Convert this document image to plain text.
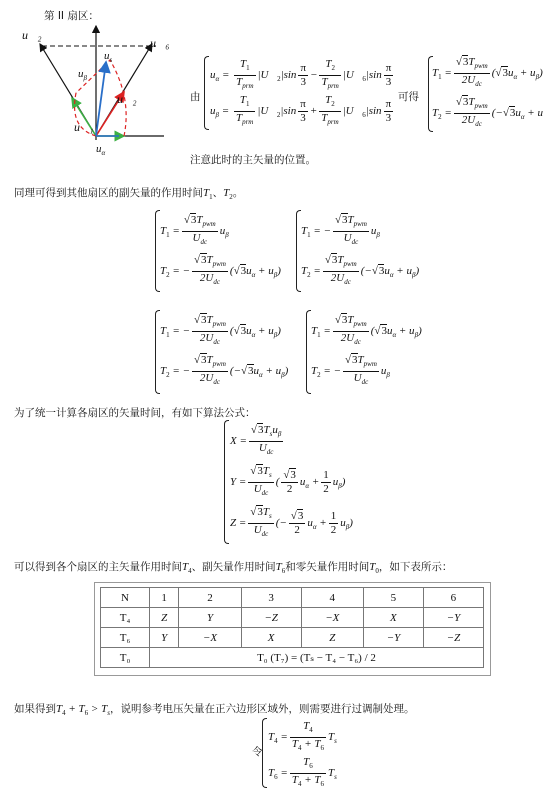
第 II 扇区：
u⃗₂
u⃗₆
$u_s$
$u_\beta$
u⃗₂
u⃗₁
$u_\alpha$
由
$u_\alpha = \frac{T_1}{T_{prm}}$ $|U⃗_2|\sin \frac{\pi}{3} - \frac{T_2}{T_{prm}}$ $|U⃗_6|\sin \frac{\pi}{3}$
$u_\beta = \frac{T_1}{T_{prm}}$ $|U⃗_2|\sin \frac{\pi}{3} + \frac{T_2}{T_{prm}}$ $|U⃗_6|\sin \frac{\pi}{3}$
可得
$T_1 = \frac{√3T_{pwm}}{2U_{dc}} (√3u_\alpha + u_\beta)$
$T_2 = \frac{√3T_{pwm}}{2U_{dc}} (-√3u_\alpha + u$
注意此时的主矢量的位置。
同理可得到其他扇区的副矢量的作用时间$T_1$、$T_2$。
$T_1 = \frac{√3T_{pwm}}{U_{dc}} u_\beta$
$T_2$ = − $\frac{√3T_{pwm}}{2U_{dc}} (√3u_\alpha + u_\beta)$
$T_1$ = − $\frac{√3T_{pwm}}{U_{dc}} u_\beta$
$T_2 = \frac{√3T_{pwm}}{2U_{dc}} (-√3u_\alpha + u_\beta)$
$T_1$ = − $\frac{√3T_{pwm}}{2U_{dc}} (√3u_\alpha + u_\beta)$
$T_2$ = − $\frac{√3T_{pwm}}{2U_{dc}} (-√3u_\alpha + u_\beta)$
$T_1 = \frac{√3T_{pwm}}{2U_{dc}} (√3u_\alpha + u_\beta)$
$T_2$ = − $\frac{√3T_{pwm}}{U_{dc}} u_\beta$
为了统一计算各扇区的矢量时间，有如下算法公式：
$X = \frac{√3T_su_\beta}{U_{dc}}$
$Y = \frac{√3T_s}{U_{dc}}$ ( $\frac{√3}{2} u_\alpha + \frac{1}{2} u_\beta$)
$Z = \frac{√3T_s}{U_{dc}}$ (− $\frac{√3}{2} u_\alpha + \frac{1}{2} u_\beta$)
可以得到各个扇区的主矢量作用时间$T_4$、副矢量作用时间$T_6$和零矢量作用时间$T_0$，如下表所示：
N	1	2	3	4	5	6
T₄	Z	Y	−Z	−X	X	−Y
T₆	Y	−X	X	Z	−Y	−Z
T₀	T₀ (T₇) = (Tₛ − T₄ − T₆) / 2					
如果得到$T_4 + T_6 > T_s$，说明参考电压矢量在正六边形区域外，则需要进行过调制处理。
令
$T_4 = \frac{T_4}{T_4 + T_6} T_s$
$T_6 = \frac{T_6}{T_4 + T_6} T_s$
